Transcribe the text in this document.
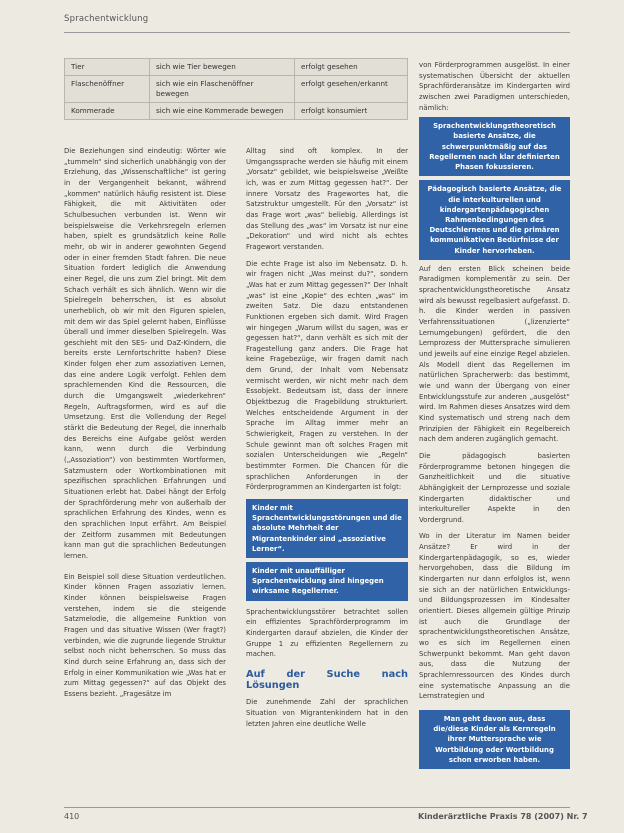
Sprachentwicklung
Tier	sich wie Tier bewegen	erfolgt gesehen
Flaschenöffner	sich wie ein Flaschenöffner bewegen	erfolgt gesehen/erkannt
Kommerade	sich wie eine Kommerade bewegen	erfolgt konsumiert

Die Beziehungen sind eindeutig: Wörter wie „tummeln“ sind sicherlich unabhängig von der Erziehung, das „Wissenschaftliche“ ist gering in der Vergangenheit bekannt, während „kommen“ natürlich häufig resistent ist. Diese Fähigkeit, die mit Aktivitäten oder Schulbesuchen verbunden ist. Wenn wir beispielsweise die Verkehrsregeln erlernen haben, spielt es grundsätzlich keine Rolle mehr, ob wir in anderer gewohnten Gegend oder in einer fremden Stadt fahren. Die neue Situation fordert lediglich die Anwendung einer Regel, die uns zum Ziel bringt. Mit dem Schach verhält es sich ähnlich. Wenn wir die Spielregeln beherrschen, ist es absolut unerheblich, ob wir mit den Figuren spielen, mit dem wir das Spiel gelernt haben, Einflüsse überall und immer dieselben Spielregeln. Was geschieht mit den SES- und DaZ-Kindern, die bereits erste Lernfortschritte haben? Diese Kinder folgen eher zum assoziativen Lernen, das eine andere Logik verfolgt. Fehlen dem sprachlernenden Kind die Ressourcen, die durch die Umgangswelt „wiederkehren“ Regeln, Auftragsformen, wird es auf die Umsetzung. Erst die Vollendung der Regel stärkt die Bedeutung der Regel, die innerhalb des Bereichs eine Aufgabe gelöst werden kann, wenn durch die Verbindung („Assoziation“) von bestimmten Wortformen, Satzmustern oder Wortkombinationen mit spezifischen sprachlichen Erfahrungen und Situationen erlebt hat. Dabei hängt der Erfolg der Sprachförderung mehr von außerhalb der sprachlichen Erfahrung des Kindes, wenn es den sprachlichen Input erfährt. Am Beispiel der Zeitform zusammen mit Bedeutungen kann man gut die sprachlichen Bedeutungen lernen.

Ein Beispiel soll diese Situation verdeutlichen. Kinder können Fragen assoziativ lernen. Kinder können beispielsweise Fragen verstehen, indem sie die steigende Satzmelodie, die allgemeine Funktion von Fragen und das situative Wissen (Wer fragt?) verbinden, wie die zugrunde liegende Struktur selbst noch nicht beherrschen. So muss das Kind durch seine Erfahrung an, dass sich der Erfolg in einer Kommunikation wie „Was hat er zum Mittag gegessen?“ auf das Objekt des Essens bezieht. „Fragesätze im

Alltag sind oft komplex. In der Umgangssprache werden sie häufig mit einem „Vorsatz“ gebildet, wie beispielsweise „Weißte ich, was er zum Mittag gegessen hat?“. Der innere Vorsatz des Fragewortes hat, die Satzstruktur umgestellt. Für den „Vorsatz“ ist das Frage wort „was“ beliebig. Allerdings ist das Stellung des „was“ im Vorsatz ist nur eine „Dekoration“ und wird nicht als echtes Fragewort verstanden.

Die echte Frage ist also im Nebensatz. D. h. wir fragen nicht „Was meinst du?“, sondern „Was hat er zum Mittag gegessen?“ Der Inhalt „was“ ist eine „Kopie“ des echten „was“ im zweiten Satz. Die dazu entstandenen Funktionen ergeben sich damit. Wird Fragen wir hingegen „Warum willst du sagen, was er gegessen hat?“, dann verhält es sich mit der Fragestellung ganz anders. Die Frage hat keine Fragebezüge, wir fragen damit nach dem Grund, der Inhalt vom Nebensatz vermischt werden, wir nicht mehr nach dem Essobjekt. Bedeutsam ist, dass der innere Objektbezug die Fragebildung strukturiert. Welches entscheidende Argument in der Sprache im Alltag immer mehr an Schwierigkeit, Fragen zu verstehen. In der Schule gewinnt man oft solches Fragen mit sozialen Unterscheidungen wie „Regeln“ bestimmter Formen. Die Chancen für die sprachlichen Anforderungen in der Förderprogrammen an Kindergarten ist folgt:

Kinder mit Sprachentwicklungsstörungen und die absolute Mehrheit der Migrantenkinder sind „assoziative Lerner“.
Kinder mit unauffälliger Sprachentwicklung sind hingegen wirksame Regellerner.

Sprachentwicklungsstörer betrachtet sollen ein effizientes Sprachförderprogramm im Kindergarten darauf abzielen, die Kinder der Gruppe 1 zu effizienten Regellernern zu machen.

Auf der Suche nach Lösungen

Die zunehmende Zahl der sprachlichen Situation von Migrantenkindern hat in den letzten Jahren eine deutliche Welle

von Förderprogrammen ausgelöst. In einer systematischen Übersicht der aktuellen Sprachförderansätze im Kindergarten wird zwischen zwei Paradigmen unterschieden, nämlich:

Sprachentwicklungstheoretisch basierte Ansätze, die schwerpunktmäßig auf das Regellernen nach klar definierten Phasen fokussieren.
Pädagogisch basierte Ansätze, die die interkulturellen und kindergartenpädagogischen Rahmenbedingungen des Deutschlernens und die primären kommunikativen Bedürfnisse der Kinder hervorheben.

Auf den ersten Blick scheinen beide Paradigmen komplementär zu sein. Der sprachentwicklungstheoretische Ansatz wird als bewusst regelbasiert aufgefasst. D. h. die Kinder werden in passiven Verfahrenssituationen („lizenzierte“ Lernumgebungen) gefördert, die den Lernprozess der Muttersprache simulieren und jeweils auf eine einzige Regel abzielen. Als Modell dient das Regellernen im natürlichen Spracherwerb: das bestimmt, wie und wann der Übergang von einer Entwicklungsstufe zur anderen „ausgelöst“ wird. Im Rahmen dieses Ansatzes wird dem Kind systematisch und streng nach dem Prinzipien der Fähigkeit ein Regelbereich nach dem anderen zugänglich gemacht.

Die pädagogisch basierten Förderprogramme betonen hingegen die Ganzheitlichkeit und die situative Abhängigkeit der Lernprozesse und soziale Kindergarten didaktischer und interkultureller Aspekte in den Vordergrund.

Wo in der Literatur im Namen beider Ansätze? Er wird in der Kindergartenpädagogik, so es, wieder hervorgehoben, dass die Bildung im Kindergarten nur dann erfolglos ist, wenn sie sich an der natürlichen Entwicklungs- und Bildungsprozessen im Kindesalter orientiert. Dieses allgemein gültige Prinzip ist auch die Grundlage der sprachentwicklungstheoretischen Ansätze, wo es sich im Regellernen einen Schwerpunkt bekommt. Man geht davon aus, dass die Nutzung der Sprachlernressourcen des Kindes durch eine systematische Anpassung an die Lernstrategien und

Man geht davon aus, dass die/diese Kinder als Kernregeln ihrer Muttersprache wie Wortbildung oder Wortbildung schon erworben haben.
410	Kinderärztliche Praxis 78 (2007) Nr. 7
